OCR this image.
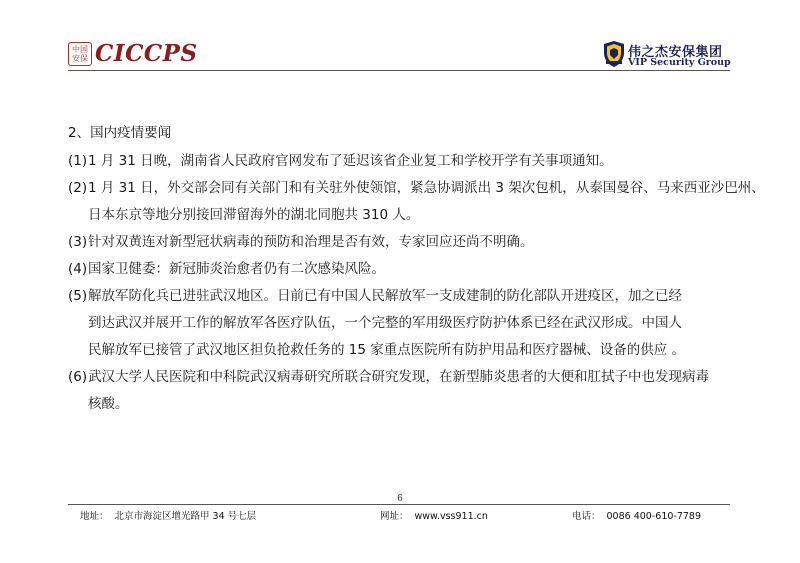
中国
安保 CICCPS	伟之杰安保集团
VIP Security Group
2、国内疫情要闻
(1) 1 月 31 日晚，湖南省人民政府官网发布了延迟该省企业复工和学校开学有关事项通知。
(2) 1 月 31 日，外交部会同有关部门和有关驻外使领馆，紧急协调派出 3 架次包机，从泰国曼谷、马来西亚沙巴州、
日本东京等地分别接回滞留海外的湖北同胞共 310 人。
(3) 针对双黄连对新型冠状病毒的预防和治理是否有效，专家回应还尚不明确。
(4) 国家卫健委：新冠肺炎治愈者仍有二次感染风险。
(5) 解放军防化兵已进驻武汉地区。日前已有中国人民解放军一支成建制的防化部队开进疫区，加之已经
到达武汉并展开工作的解放军各医疗队伍，一个完整的军用级医疗防护体系已经在武汉形成。中国人
民解放军已接管了武汉地区担负抢救任务的 15 家重点医院所有防护用品和医疗器械、设备的供应 。
(6) 武汉大学人民医院和中科院武汉病毒研究所联合研究发现，在新型肺炎患者的大便和肛拭子中也发现病毒
核酸。
6
地址： 北京市海淀区增光路甲 34 号七层	网址： www.vss911.cn	电话： 0086 400-610-7789
